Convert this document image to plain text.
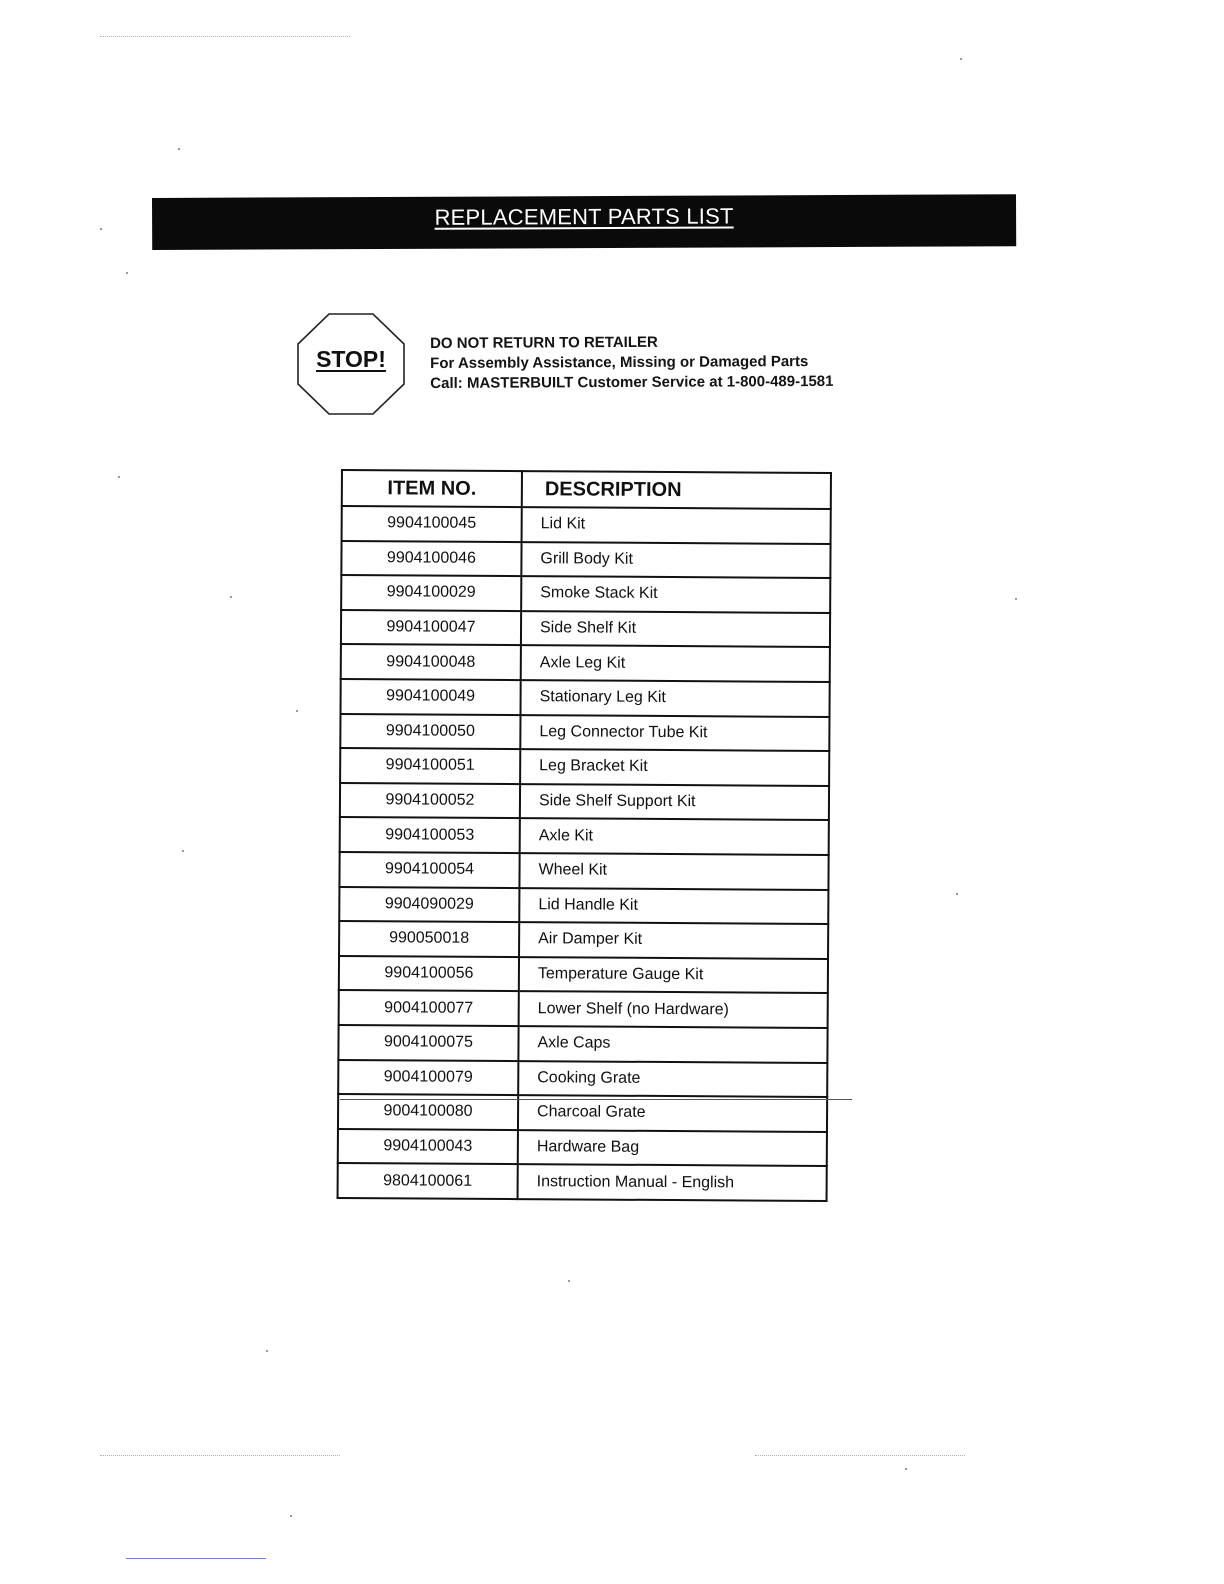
REPLACEMENT PARTS LIST
STOP!
DO NOT RETURN TO RETAILER
For Assembly Assistance, Missing or Damaged Parts
Call: MASTERBUILT Customer Service at 1-800-489-1581
ITEM NO.	DESCRIPTION
9904100045	Lid Kit
9904100046	Grill Body Kit
9904100029	Smoke Stack Kit
9904100047	Side Shelf Kit
9904100048	Axle Leg Kit
9904100049	Stationary Leg Kit
9904100050	Leg Connector Tube Kit
9904100051	Leg Bracket Kit
9904100052	Side Shelf Support Kit
9904100053	Axle Kit
9904100054	Wheel Kit
9904090029	Lid Handle Kit
990050018	Air Damper Kit
9904100056	Temperature Gauge Kit
9004100077	Lower Shelf (no Hardware)
9004100075	Axle Caps
9004100079	Cooking Grate
9004100080	Charcoal Grate
9904100043	Hardware Bag
9804100061	Instruction Manual - English
